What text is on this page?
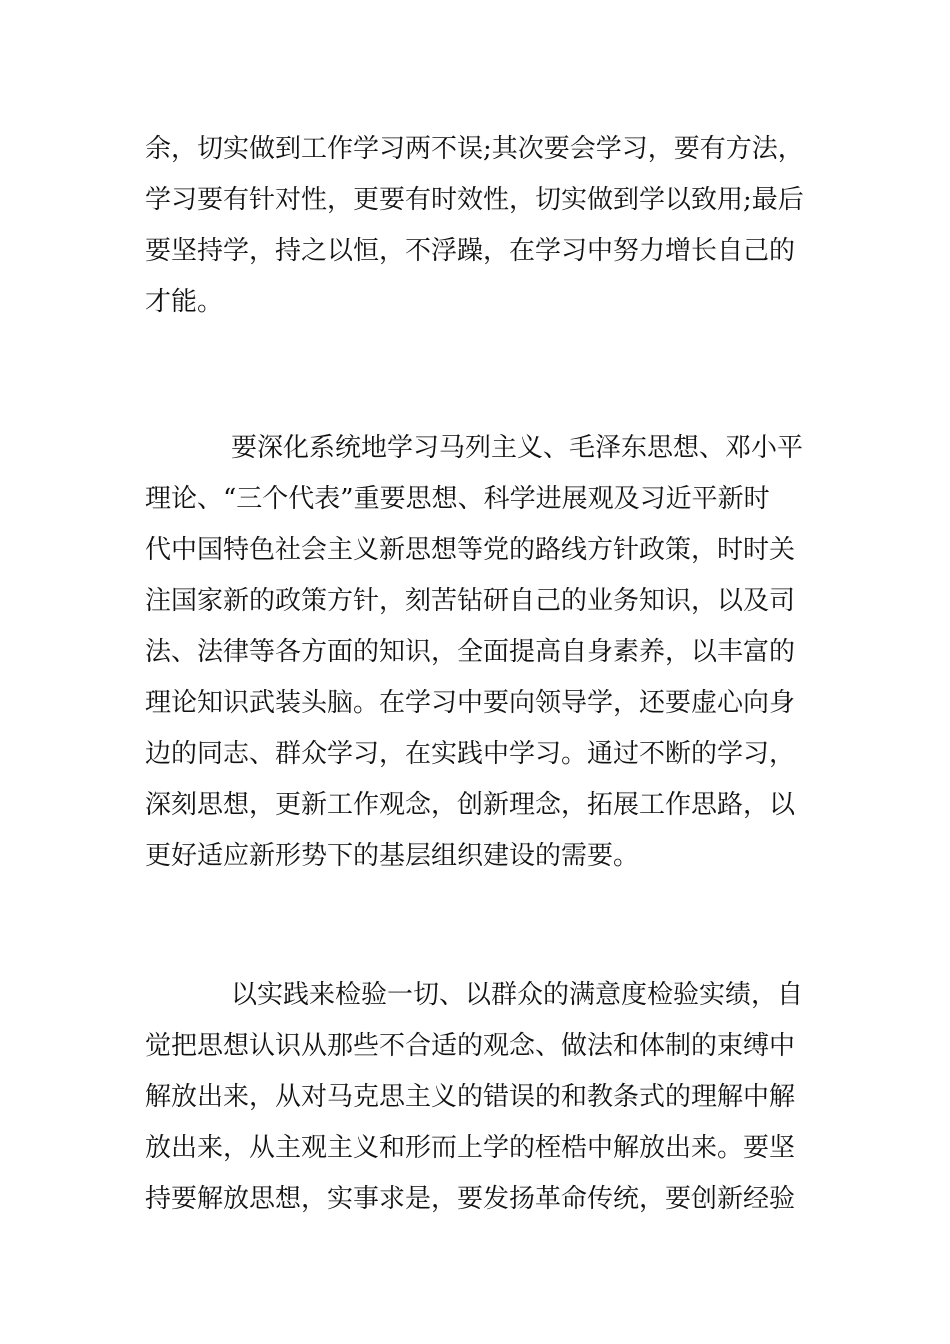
余，切实做到工作学习两不误;其次要会学习，要有方法，
学习要有针对性，更要有时效性，切实做到学以致用;最后
要坚持学，持之以恒，不浮躁，在学习中努力增长自己的
才能。
要深化系统地学习马列主义、毛泽东思想、邓小平
理论、“三个代表”重要思想、科学进展观及习近平新时
代中国特色社会主义新思想等党的路线方针政策，时时关
注国家新的政策方针，刻苦钻研自己的业务知识，以及司
法、法律等各方面的知识，全面提高自身素养，以丰富的
理论知识武装头脑。在学习中要向领导学，还要虚心向身
边的同志、群众学习，在实践中学习。通过不断的学习，
深刻思想，更新工作观念，创新理念，拓展工作思路，以
更好适应新形势下的基层组织建设的需要。
以实践来检验一切、以群众的满意度检验实绩，自
觉把思想认识从那些不合适的观念、做法和体制的束缚中
解放出来，从对马克思主义的错误的和教条式的理解中解
放出来，从主观主义和形而上学的桎梏中解放出来。要坚
持要解放思想，实事求是，要发扬革命传统，要创新经验
